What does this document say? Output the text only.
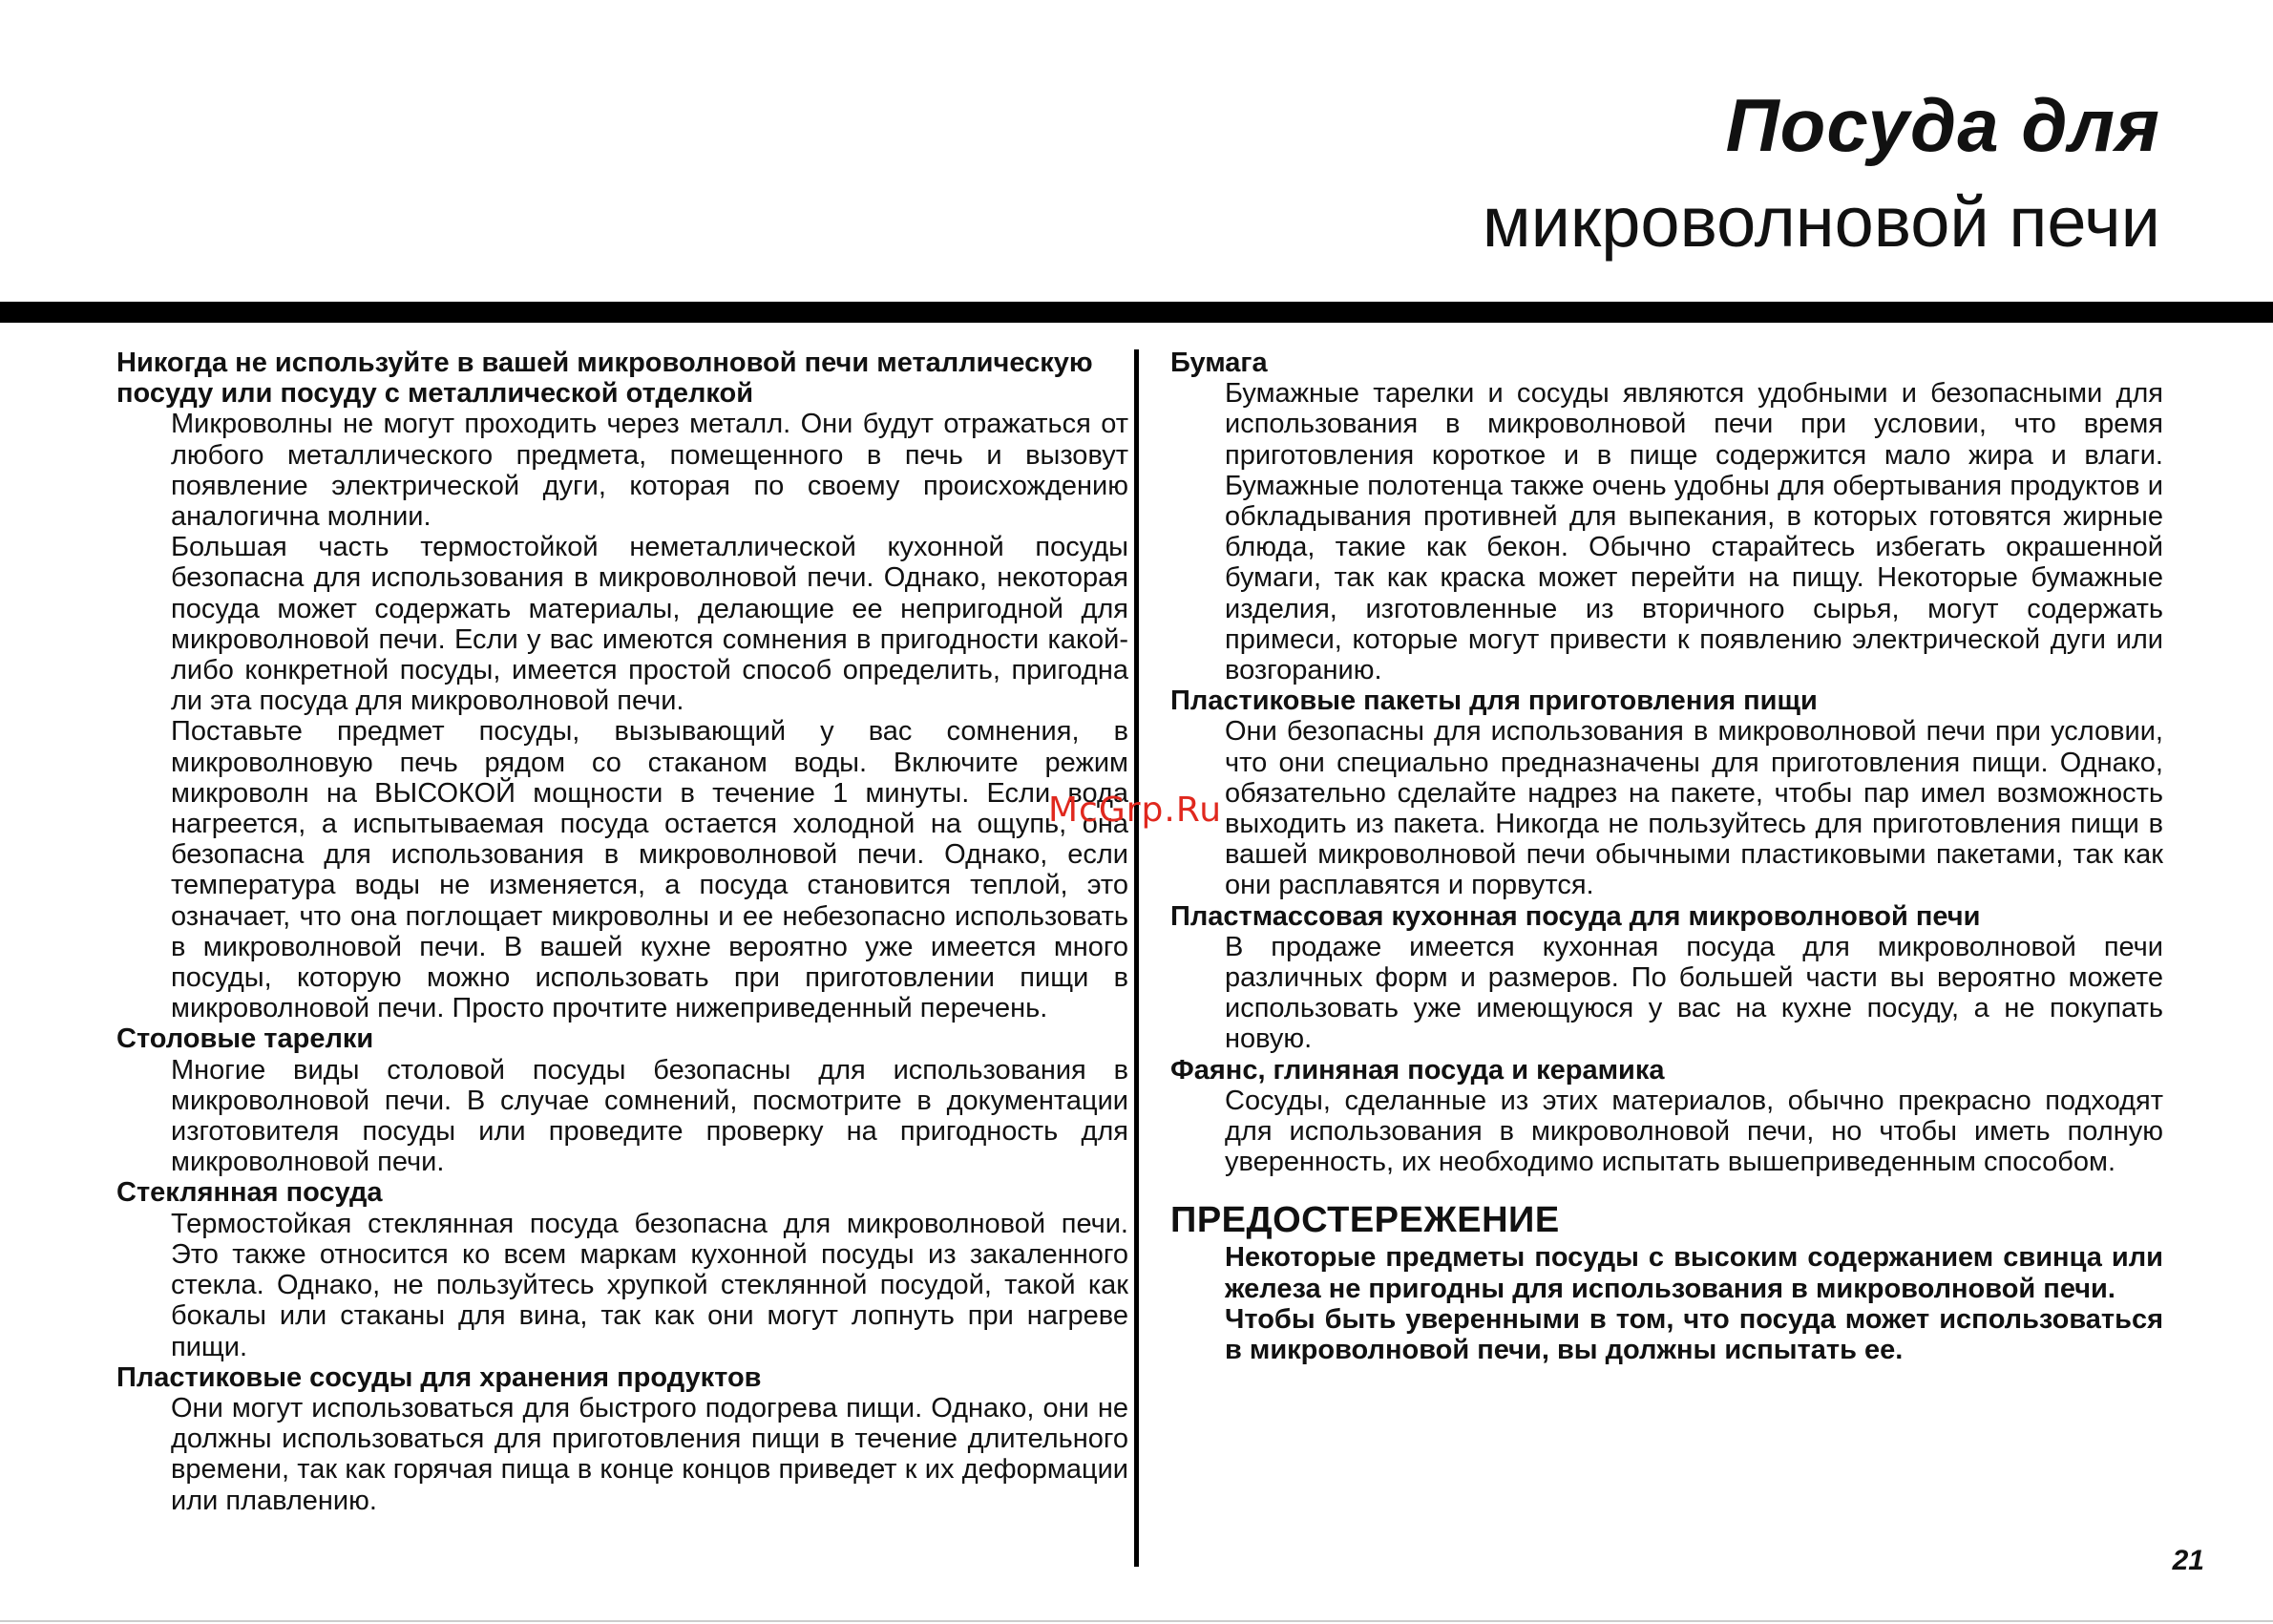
Посуда для
микроволновой печи

Никогда не используйте в вашей микроволновой печи металлическую посуду или посуду с металлической отделкой

Микроволны не могут проходить через металл. Они будут отражаться от любого металлического предмета, помещенного в печь и вызовут появление электрической дуги, которая по своему происхождению аналогична молнии.

Большая часть термостойкой неметаллической кухонной посуды безопасна для использования в микроволновой печи. Однако, некоторая посуда может содержать материалы, делающие ее непригодной для микроволновой печи. Если у вас имеются сомнения в пригодности какой-либо конкретной посуды, имеется простой способ определить, пригодна ли эта посуда для микроволновой печи.

Поставьте предмет посуды, вызывающий у вас сомнения, в микроволновую печь рядом со стаканом воды. Включите режим микроволн на ВЫСОКОЙ мощности в течение 1 минуты. Если вода нагреется, а испытываемая посуда остается холодной на ощупь, она безопасна для использования в микроволновой печи. Однако, если температура воды не изменяется, а посуда становится теплой, это означает, что она поглощает микроволны и ее небезопасно использовать в микроволновой печи. В вашей кухне вероятно уже имеется много посуды, которую можно использовать при приготовлении пищи в микроволновой печи. Просто прочтите нижеприведенный перечень.

Столовые тарелки

Многие виды столовой посуды безопасны для использования в микроволновой печи. В случае сомнений, посмотрите в документации изготовителя посуды или проведите проверку на пригодность для микроволновой печи.

Стеклянная посуда

Термостойкая стеклянная посуда безопасна для микроволновой печи. Это также относится ко всем маркам кухонной посуды из закаленного стекла. Однако, не пользуйтесь хрупкой стеклянной посудой, такой как бокалы или стаканы для вина, так как они могут лопнуть при нагреве пищи.

Пластиковые сосуды для хранения продуктов

Они могут использоваться для быстрого подогрева пищи. Однако, они не должны использоваться для приготовления пищи в течение длительного времени, так как горячая пища в конце концов приведет к их деформации или плавлению.

Бумага

Бумажные тарелки и сосуды являются удобными и безопасными для использования в микроволновой печи при условии, что время приготовления короткое и в пище содержится мало жира и влаги. Бумажные полотенца также очень удобны для обертывания продуктов и обкладывания противней для выпекания, в которых готовятся жирные блюда, такие как бекон. Обычно старайтесь избегать окрашенной бумаги, так как краска может перейти на пищу. Некоторые бумажные изделия, изготовленные из вторичного сырья, могут содержать примеси, которые могут привести к появлению электрической дуги или возгоранию.

Пластиковые пакеты для приготовления пищи

Они безопасны для использования в микроволновой печи при условии, что они специально предназначены для приготовления пищи. Однако, обязательно сделайте надрез на пакете, чтобы пар имел возможность выходить из пакета. Никогда не пользуйтесь для приготовления пищи в вашей микроволновой печи обычными пластиковыми пакетами, так как они расплавятся и порвутся.

Пластмассовая кухонная посуда для микроволновой печи

В продаже имеется кухонная посуда для микроволновой печи различных форм и размеров. По большей части вы вероятно можете использовать уже имеющуюся у вас на кухне посуду, а не покупать новую.

Фаянс, глиняная посуда и керамика

Сосуды, сделанные из этих материалов, обычно прекрасно подходят для использования в микроволновой печи, но чтобы иметь полную уверенность, их необходимо испытать вышеприведенным способом.

ПРЕДОСТЕРЕЖЕНИЕ

Некоторые предметы посуды с высоким содержанием свинца или железа не пригодны для использования в микроволновой печи.

Чтобы быть уверенными в том, что посуда может использоваться в микроволновой печи, вы должны испытать ее.

McGrp.Ru
21
